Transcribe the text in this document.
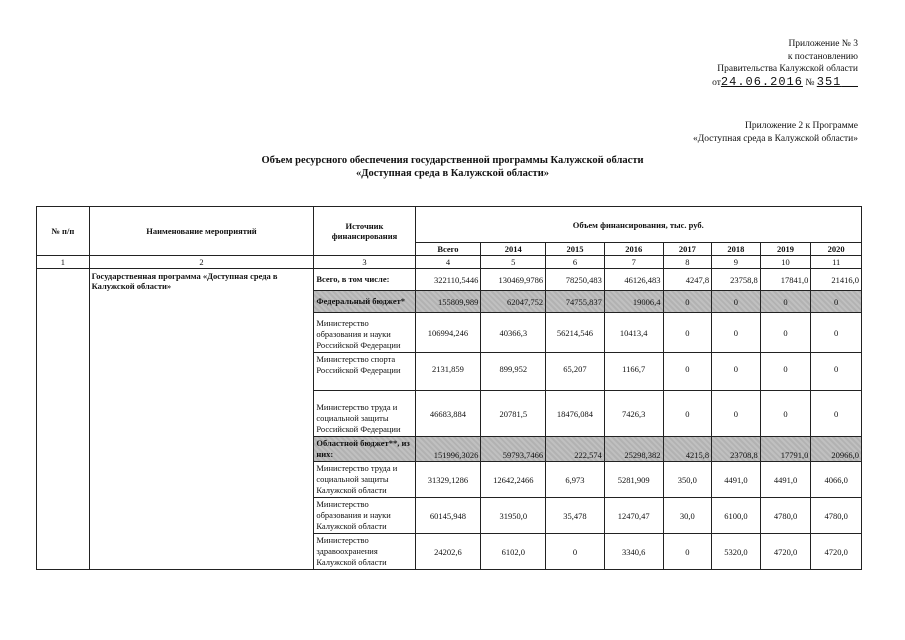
Приложение № 3
к постановлению
Правительства Калужской области
от24.06.2016 № 351
Приложение 2 к Программе
«Доступная среда в Калужской области»
Объем ресурсного обеспечения государственной программы Калужской области
«Доступная среда в Калужской области»
№ п/п	Наименование мероприятий	Источник финансирования	Объем финансирования, тыс. руб.							
			Всего	2014	2015	2016	2017	2018	2019	2020
1	2	3	4	5	6	7	8	9	10	11
	Государственная программа «Доступная среда в Калужской области»	Всего, в том числе:	322110,5446	130469,9786	78250,483	46126,483	4247,8	23758,8	17841,0	21416,0
		Федеральный бюджет*	155809,989	62047,752	74755,837	19006,4	0	0	0	0
		Министерство образования и науки Российской Федерации	106994,246	40366,3	56214,546	10413,4	0	0	0	0
		Министерство спорта Российской Федерации	2131,859	899,952	65,207	1166,7	0	0	0	0
		Министерство труда и социальной защиты Российской Федерации	46683,884	20781,5	18476,084	7426,3	0	0	0	0
		Областной бюджет**, из них:	151996,3026	59793,7466	222,574	25298,382	4215,8	23708,8	17791,0	20966,0
		Министерство труда и социальной защиты Калужской области	31329,1286	12642,2466	6,973	5281,909	350,0	4491,0	4491,0	4066,0
		Министерство образования и науки Калужской области	60145,948	31950,0	35,478	12470,47	30,0	6100,0	4780,0	4780,0
		Министерство здравоохранения Калужской области	24202,6	6102,0	0	3340,6	0	5320,0	4720,0	4720,0
